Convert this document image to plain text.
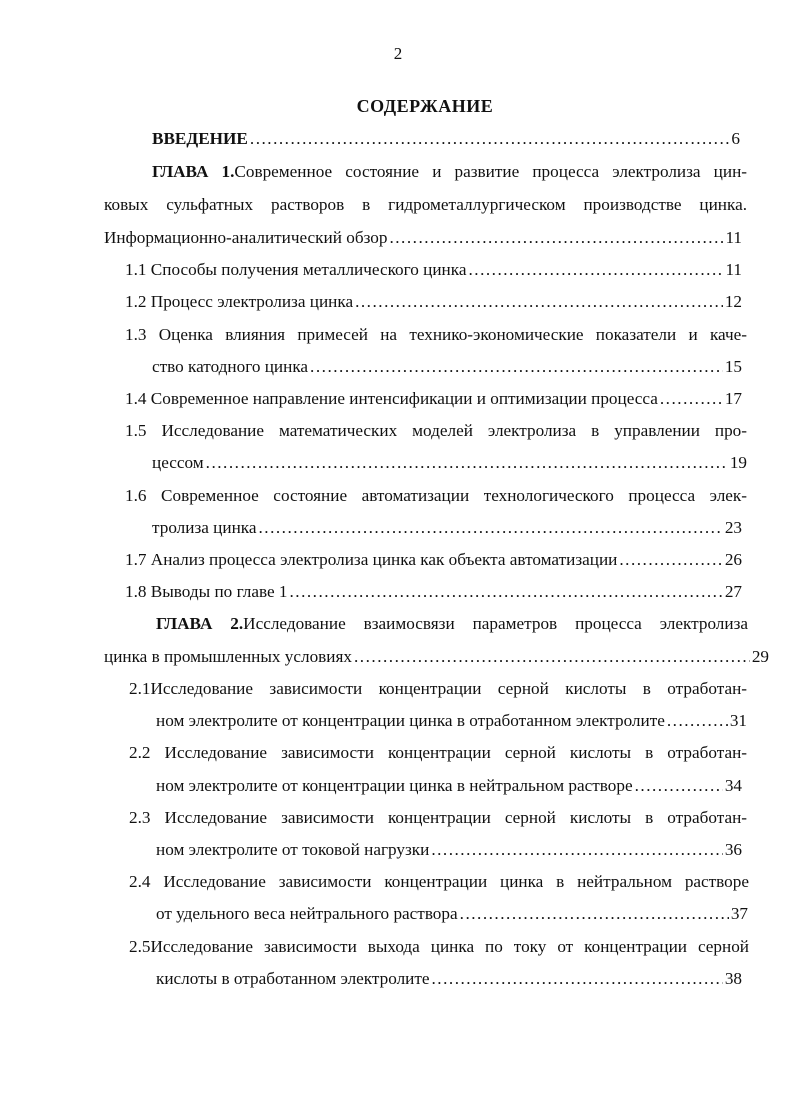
2
СОДЕРЖАНИЕ
ВВЕДЕНИЕ .....	6
ГЛАВА 1.Современное состояние и развитие процесса электролиза цин-
ковых сульфатных растворов в гидрометаллургическом производстве цинка.
Информационно-аналитический обзор .....	11
1.1 Способы получения металлического цинка .....	11
1.2 Процесс электролиза цинка .....	12
1.3 Оценка влияния примесей на технико-экономические показатели и каче-
ство катодного цинка .....	15
1.4 Современное направление интенсификации и оптимизации процесса .....	17
1.5 Исследование математических моделей электролиза в управлении про-
цессом .....	19
1.6 Современное состояние автоматизации технологического процесса элек-
тролиза цинка .....	23
1.7 Анализ процесса электролиза цинка как объекта автоматизации .....	26
1.8 Выводы по главе 1 .....	27
ГЛАВА 2.Исследование взаимосвязи параметров процесса электролиза
цинка в промышленных условиях .....	29
2.1Исследование зависимости концентрации серной кислоты в отработан-
ном электролите от концентрации цинка в отработанном электролите .....	31
2.2 Исследование зависимости концентрации серной кислоты в отработан-
ном электролите от концентрации цинка в нейтральном растворе .....	34
2.3 Исследование зависимости концентрации серной кислоты в отработан-
ном электролите от токовой нагрузки .....	36
2.4 Исследование зависимости концентрации цинка в нейтральном растворе
от удельного веса нейтрального раствора .....	37
2.5Исследование зависимости выхода цинка по току от концентрации серной
кислоты в отработанном электролите .....	38
